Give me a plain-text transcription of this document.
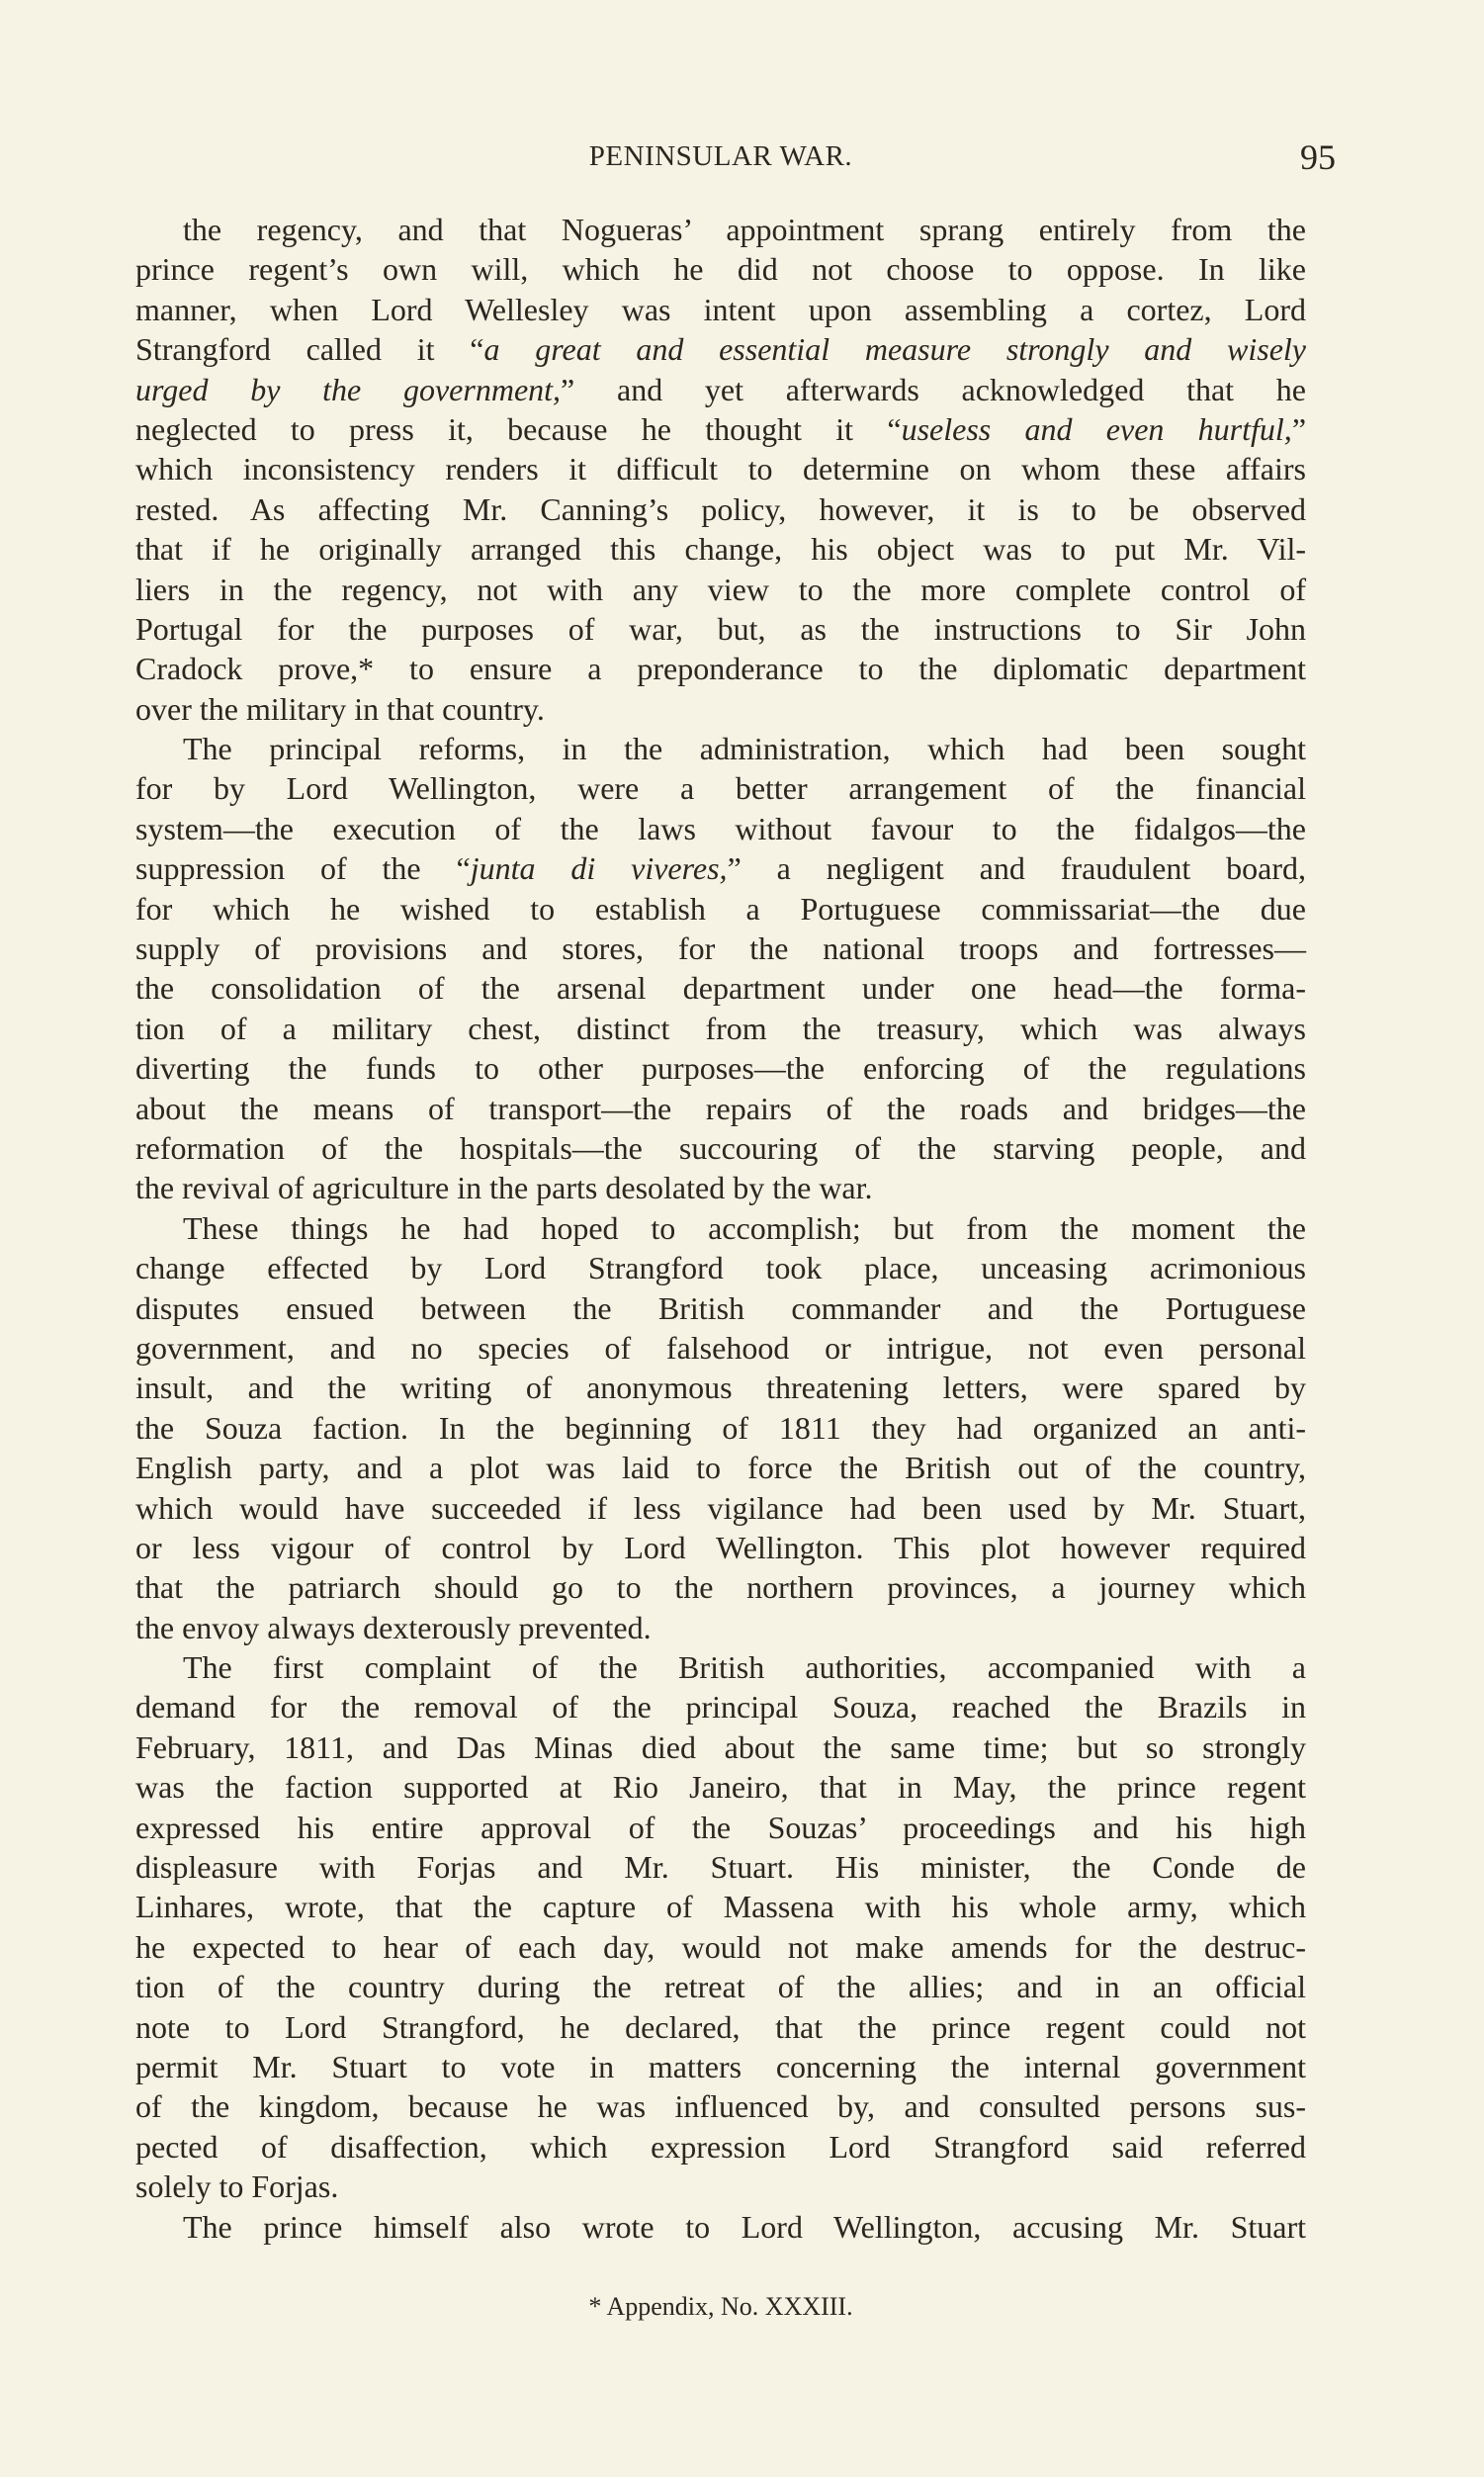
PENINSULAR WAR.	95
the regency, and that Nogueras’ appointment sprang entirely from the
prince regent’s own will, which he did not choose to oppose. In like
manner, when Lord Wellesley was intent upon assembling a cortez, Lord
Strangford called it “a great and essential measure strongly and wisely
urged by the government,” and yet afterwards acknowledged that he
neglected to press it, because he thought it “useless and even hurtful,”
which inconsistency renders it difficult to determine on whom these affairs
rested. As affecting Mr. Canning’s policy, however, it is to be observed
that if he originally arranged this change, his object was to put Mr. Vil-
liers in the regency, not with any view to the more complete control of
Portugal for the purposes of war, but, as the instructions to Sir John
Cradock prove,* to ensure a preponderance to the diplomatic department
over the military in that country.
The principal reforms, in the administration, which had been sought
for by Lord Wellington, were a better arrangement of the financial
system—the execution of the laws without favour to the fidalgos—the
suppression of the “junta di viveres,” a negligent and fraudulent board,
for which he wished to establish a Portuguese commissariat—the due
supply of provisions and stores, for the national troops and fortresses—
the consolidation of the arsenal department under one head—the forma-
tion of a military chest, distinct from the treasury, which was always
diverting the funds to other purposes—the enforcing of the regulations
about the means of transport—the repairs of the roads and bridges—the
reformation of the hospitals—the succouring of the starving people, and
the revival of agriculture in the parts desolated by the war.
These things he had hoped to accomplish; but from the moment the
change effected by Lord Strangford took place, unceasing acrimonious
disputes ensued between the British commander and the Portuguese
government, and no species of falsehood or intrigue, not even personal
insult, and the writing of anonymous threatening letters, were spared by
the Souza faction. In the beginning of 1811 they had organized an anti-
English party, and a plot was laid to force the British out of the country,
which would have succeeded if less vigilance had been used by Mr. Stuart,
or less vigour of control by Lord Wellington. This plot however required
that the patriarch should go to the northern provinces, a journey which
the envoy always dexterously prevented.
The first complaint of the British authorities, accompanied with a
demand for the removal of the principal Souza, reached the Brazils in
February, 1811, and Das Minas died about the same time; but so strongly
was the faction supported at Rio Janeiro, that in May, the prince regent
expressed his entire approval of the Souzas’ proceedings and his high
displeasure with Forjas and Mr. Stuart. His minister, the Conde de
Linhares, wrote, that the capture of Massena with his whole army, which
he expected to hear of each day, would not make amends for the destruc-
tion of the country during the retreat of the allies; and in an official
note to Lord Strangford, he declared, that the prince regent could not
permit Mr. Stuart to vote in matters concerning the internal government
of the kingdom, because he was influenced by, and consulted persons sus-
pected of disaffection, which expression Lord Strangford said referred
solely to Forjas.
The prince himself also wrote to Lord Wellington, accusing Mr. Stuart
* Appendix, No. XXXIII.
